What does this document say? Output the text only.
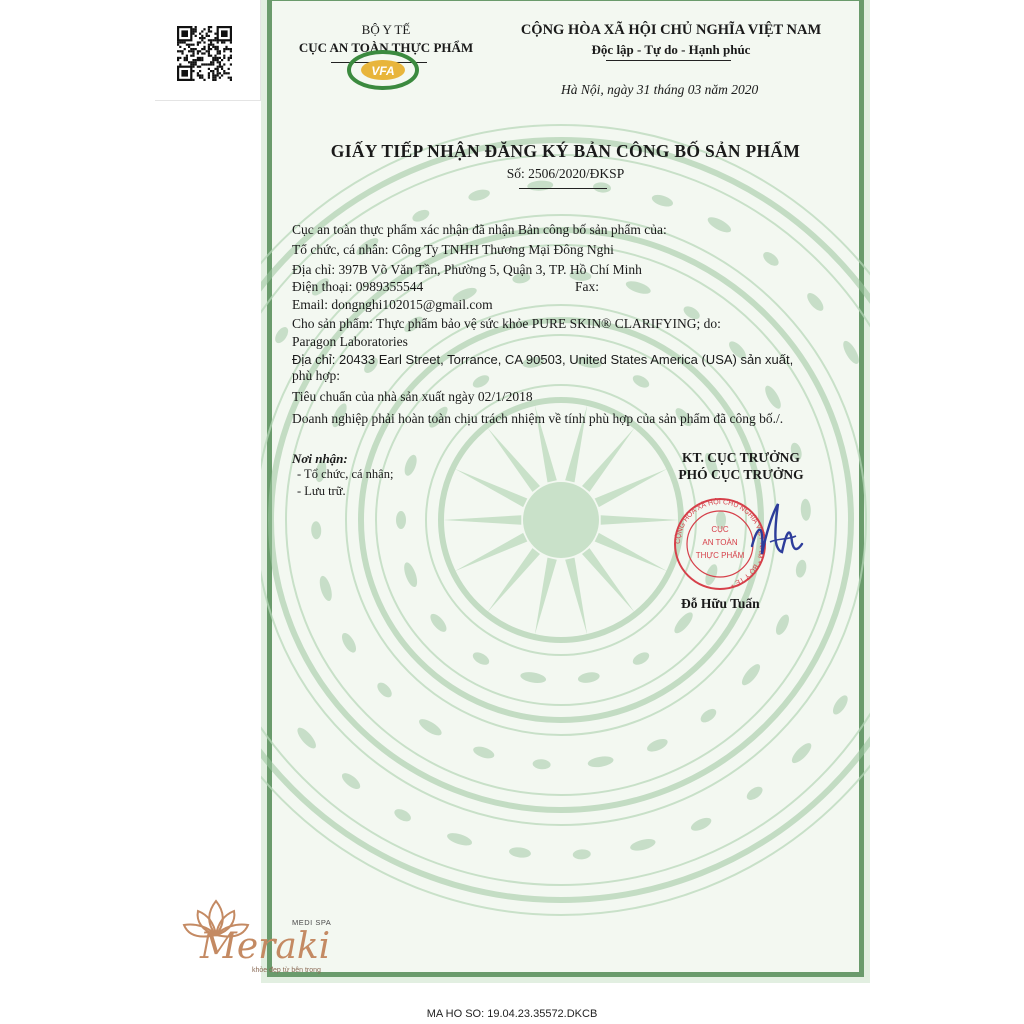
BỘ Y TẾ
CỤC AN TOÀN THỰC PHẨM
VFA
CỘNG HÒA XÃ HỘI CHỦ NGHĨA VIỆT NAM
Độc lập - Tự do - Hạnh phúc
Hà Nội, ngày 31 tháng 03 năm 2020
GIẤY TIẾP NHẬN ĐĂNG KÝ BẢN CÔNG BỐ SẢN PHẨM
Số: 2506/2020/ĐKSP
Cục an toàn thực phẩm xác nhận đã nhận Bản công bố sản phẩm của:
Tổ chức, cá nhân: Công Ty TNHH Thương Mại Đông Nghi
Địa chỉ: 397B Võ Văn Tần, Phường 5, Quận 3, TP. Hồ Chí Minh
Điện thoại: 0989355544	Fax:
Email: dongnghi102015@gmail.com
Cho sản phẩm: Thực phẩm bảo vệ sức khỏe PURE SKIN® CLARIFYING; do:
Paragon Laboratories
Địa chỉ: 20433 Earl Street, Torrance, CA 90503, United States America (USA) sản xuất,
phù hợp:
Tiêu chuẩn của nhà sản xuất ngày 02/1/2018
Doanh nghiệp phải hoàn toàn chịu trách nhiệm về tính phù hợp của sản phẩm đã công bố./.
Nơi nhận:
- Tổ chức, cá nhân;
- Lưu trữ.
KT. CỤC TRƯỞNG
PHÓ CỤC TRƯỞNG
CỘNG HÒA XÃ HỘI CHỦ NGHĨA VIỆT NAM * BỘ Y TẾ *
CỤC
AN TOÀN
THỰC PHẨM
Đỗ Hữu Tuấn
MEDI SPA
Meraki
khỏe đẹp từ bên trong
MA HO SO: 19.04.23.35572.DKCB
